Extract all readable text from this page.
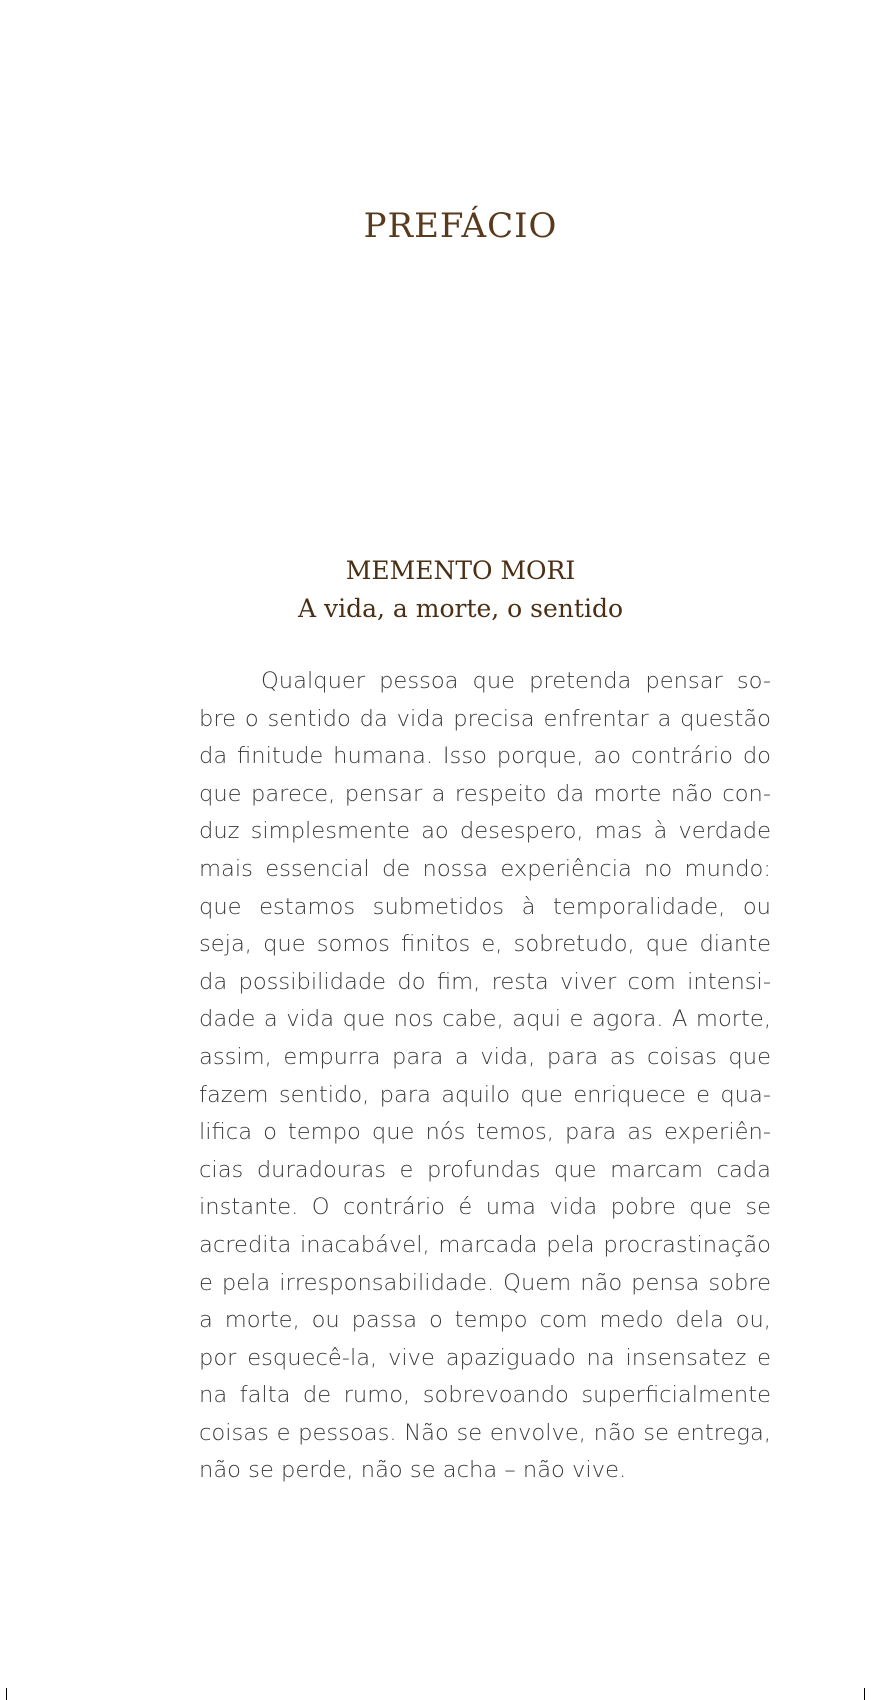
PREFÁCIO
MEMENTO MORI
A vida, a morte, o sentido
Qualquer pessoa que pretenda pensar so-
bre o sentido da vida precisa enfrentar a questão
da finitude humana. Isso porque, ao contrário do
que parece, pensar a respeito da morte não con-
duz simplesmente ao desespero, mas à verdade
mais essencial de nossa experiência no mundo:
que estamos submetidos à temporalidade, ou
seja, que somos finitos e, sobretudo, que diante
da possibilidade do fim, resta viver com intensi-
dade a vida que nos cabe, aqui e agora. A morte,
assim, empurra para a vida, para as coisas que
fazem sentido, para aquilo que enriquece e qua-
lifica o tempo que nós temos, para as experiên-
cias duradouras e profundas que marcam cada
instante. O contrário é uma vida pobre que se
acredita inacabável, marcada pela procrastinação
e pela irresponsabilidade. Quem não pensa sobre
a morte, ou passa o tempo com medo dela ou,
por esquecê-la, vive apaziguado na insensatez e
na falta de rumo, sobrevoando superficialmente
coisas e pessoas. Não se envolve, não se entrega,
não se perde, não se acha – não vive.
